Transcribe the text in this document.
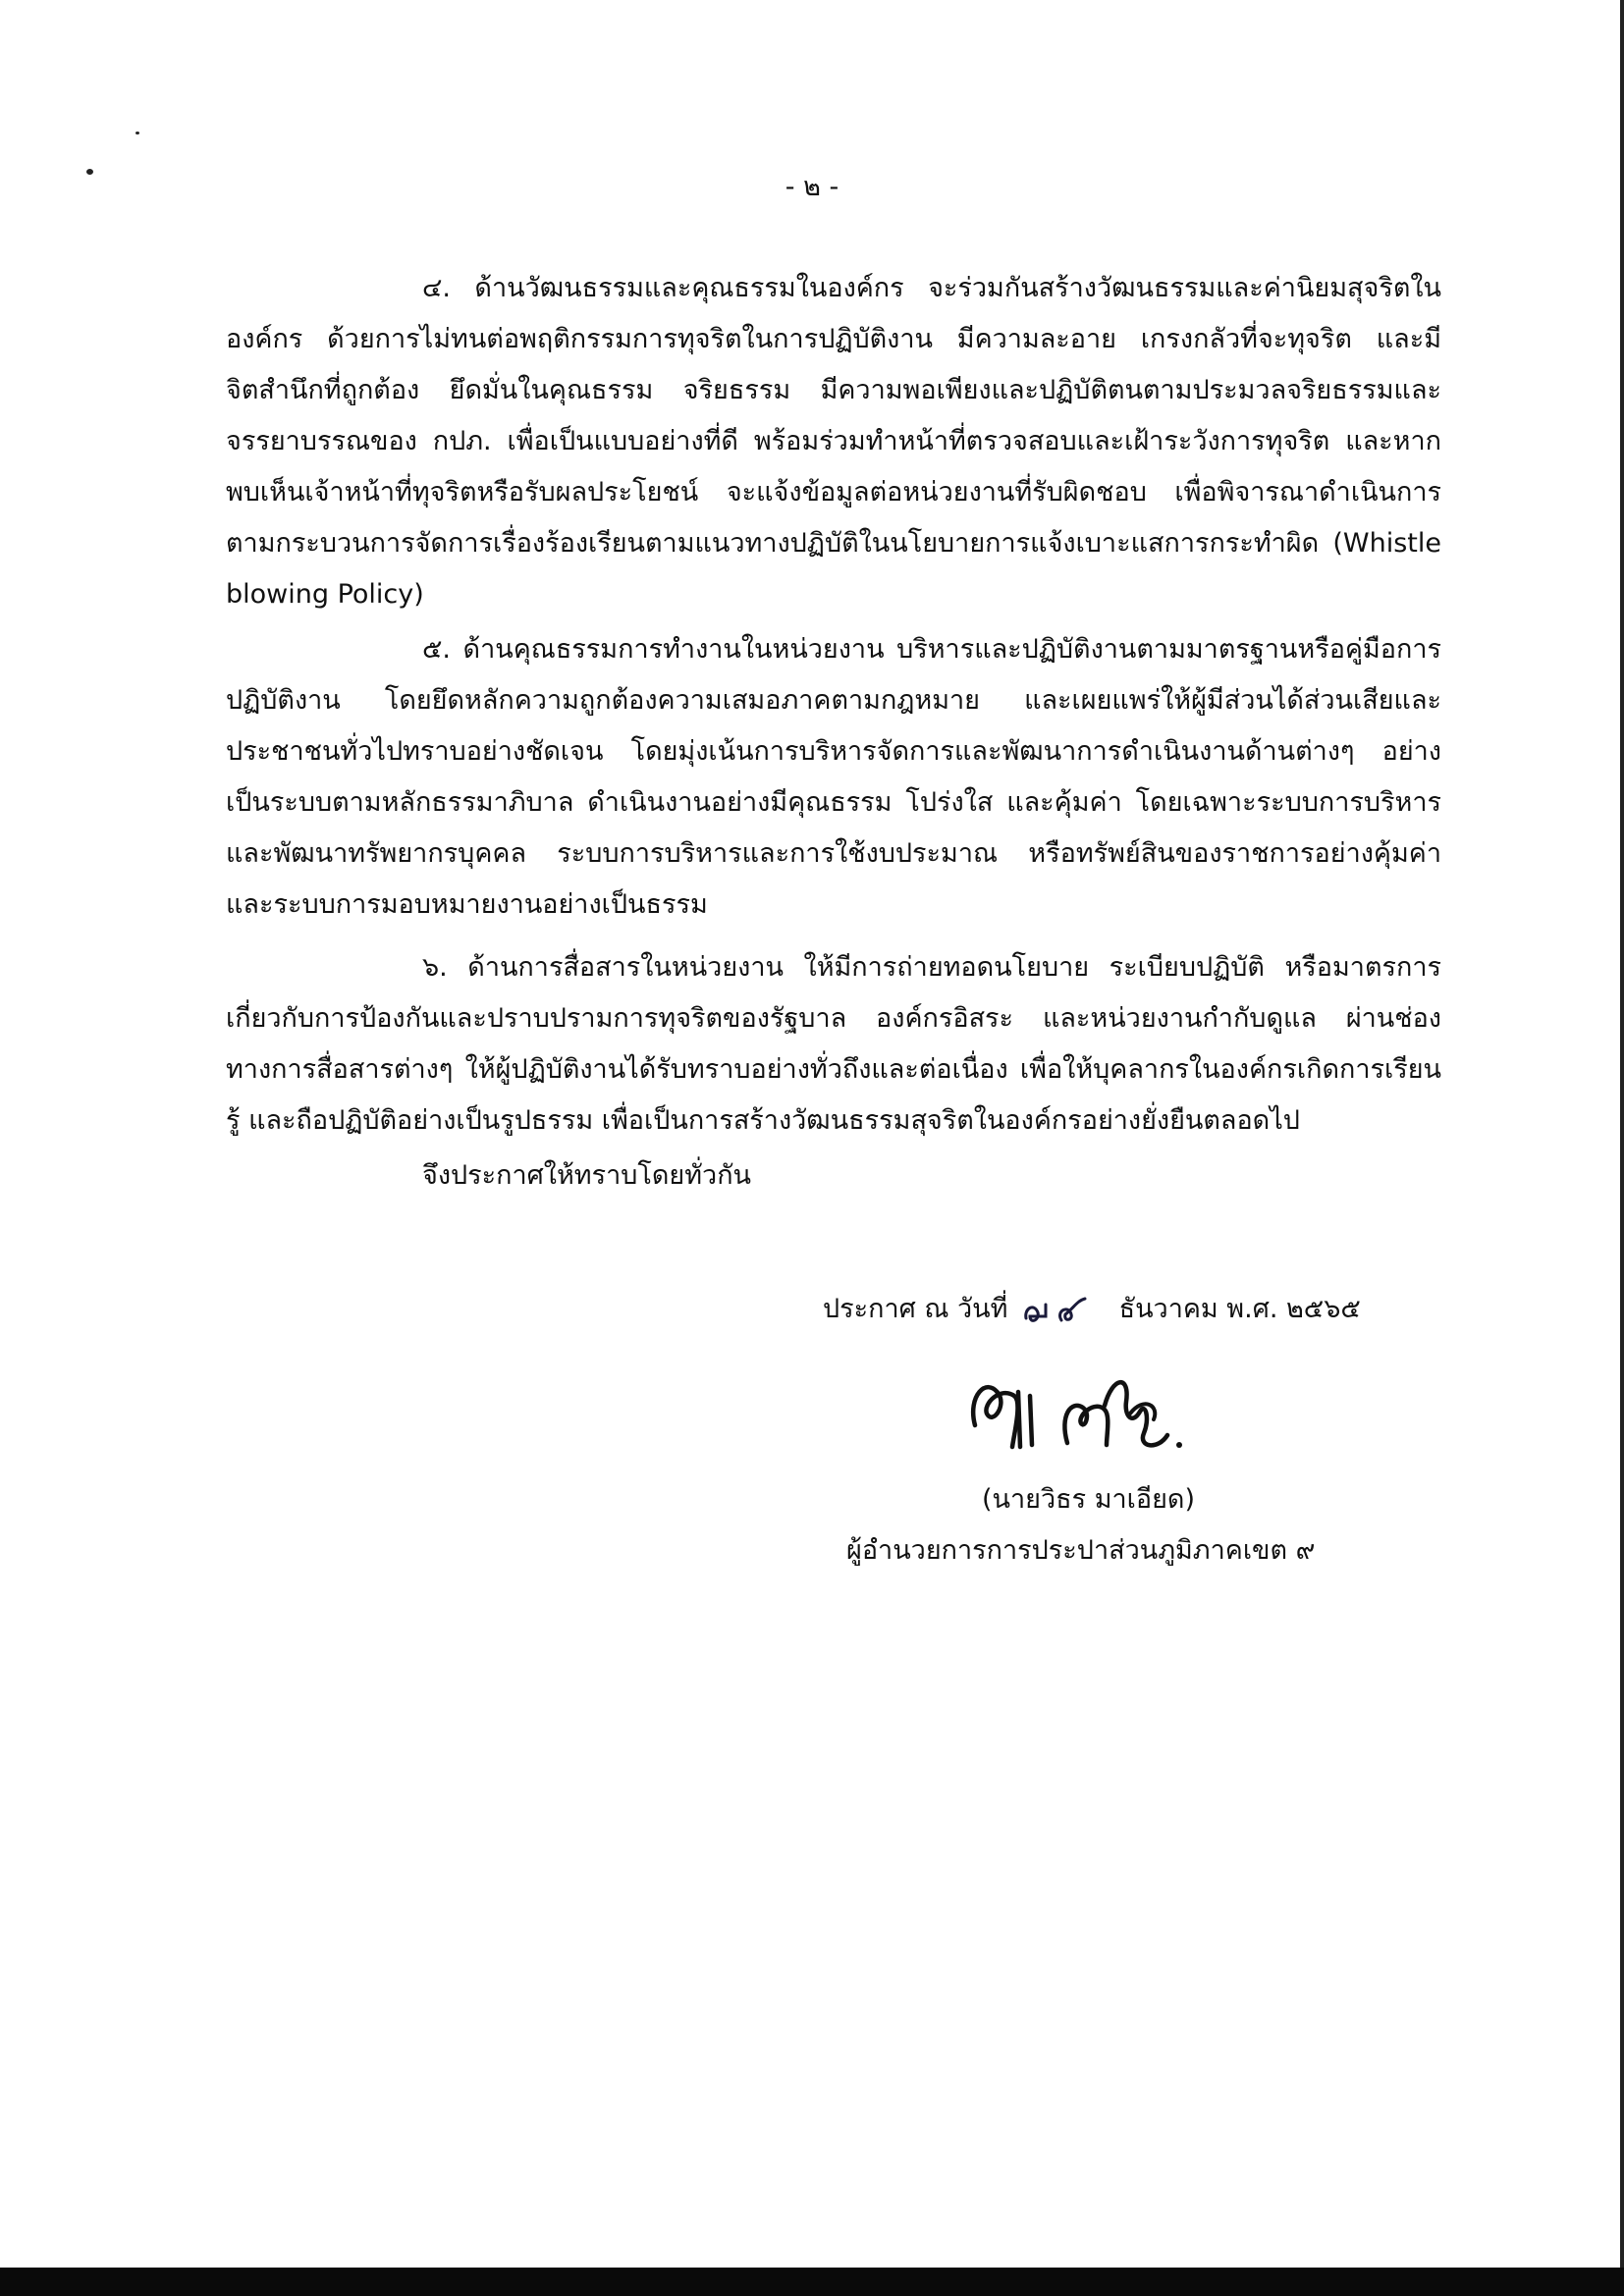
- ๒ -

๔. ด้านวัฒนธรรมและคุณธรรมในองค์กร จะร่วมกันสร้างวัฒนธรรมและค่านิยมสุจริตในองค์กร ด้วยการไม่ทนต่อพฤติกรรมการทุจริตในการปฏิบัติงาน มีความละอาย เกรงกลัวที่จะทุจริต และมีจิตสำนึกที่ถูกต้อง ยึดมั่นในคุณธรรม จริยธรรม มีความพอเพียงและปฏิบัติตนตามประมวลจริยธรรมและจรรยาบรรณของ กปภ. เพื่อเป็นแบบอย่างที่ดี พร้อมร่วมทำหน้าที่ตรวจสอบและเฝ้าระวังการทุจริต และหากพบเห็นเจ้าหน้าที่ทุจริตหรือรับผลประโยชน์ จะแจ้งข้อมูลต่อหน่วยงานที่รับผิดชอบ เพื่อพิจารณาดำเนินการตามกระบวนการจัดการเรื่องร้องเรียนตามแนวทางปฏิบัติในนโยบายการแจ้งเบาะแสการกระทำผิด (Whistle blowing Policy)

๕. ด้านคุณธรรมการทำงานในหน่วยงาน บริหารและปฏิบัติงานตามมาตรฐานหรือคู่มือการปฏิบัติงาน โดยยึดหลักความถูกต้องความเสมอภาคตามกฎหมาย และเผยแพร่ให้ผู้มีส่วนได้ส่วนเสียและประชาชนทั่วไปทราบอย่างชัดเจน โดยมุ่งเน้นการบริหารจัดการและพัฒนาการดำเนินงานด้านต่างๆ อย่างเป็นระบบตามหลักธรรมาภิบาล ดำเนินงานอย่างมีคุณธรรม โปร่งใส และคุ้มค่า โดยเฉพาะระบบการบริหารและพัฒนาทรัพยากรบุคคล ระบบการบริหารและการใช้งบประมาณ หรือทรัพย์สินของราชการอย่างคุ้มค่าและระบบการมอบหมายงานอย่างเป็นธรรม

๖. ด้านการสื่อสารในหน่วยงาน ให้มีการถ่ายทอดนโยบาย ระเบียบปฏิบัติ หรือมาตรการเกี่ยวกับการป้องกันและปราบปรามการทุจริตของรัฐบาล องค์กรอิสระ และหน่วยงานกำกับดูแล ผ่านช่องทางการสื่อสารต่างๆ ให้ผู้ปฏิบัติงานได้รับทราบอย่างทั่วถึงและต่อเนื่อง เพื่อให้บุคลากรในองค์กรเกิดการเรียนรู้ และถือปฏิบัติอย่างเป็นรูปธรรม เพื่อเป็นการสร้างวัฒนธรรมสุจริตในองค์กรอย่างยั่งยืนตลอดไป

จึงประกาศให้ทราบโดยทั่วกัน
ประกาศ ณ วันที่	ธันวาคม พ.ศ. ๒๕๖๕
(นายวิธร มาเอียด)
ผู้อำนวยการการประปาส่วนภูมิภาคเขต ๙
